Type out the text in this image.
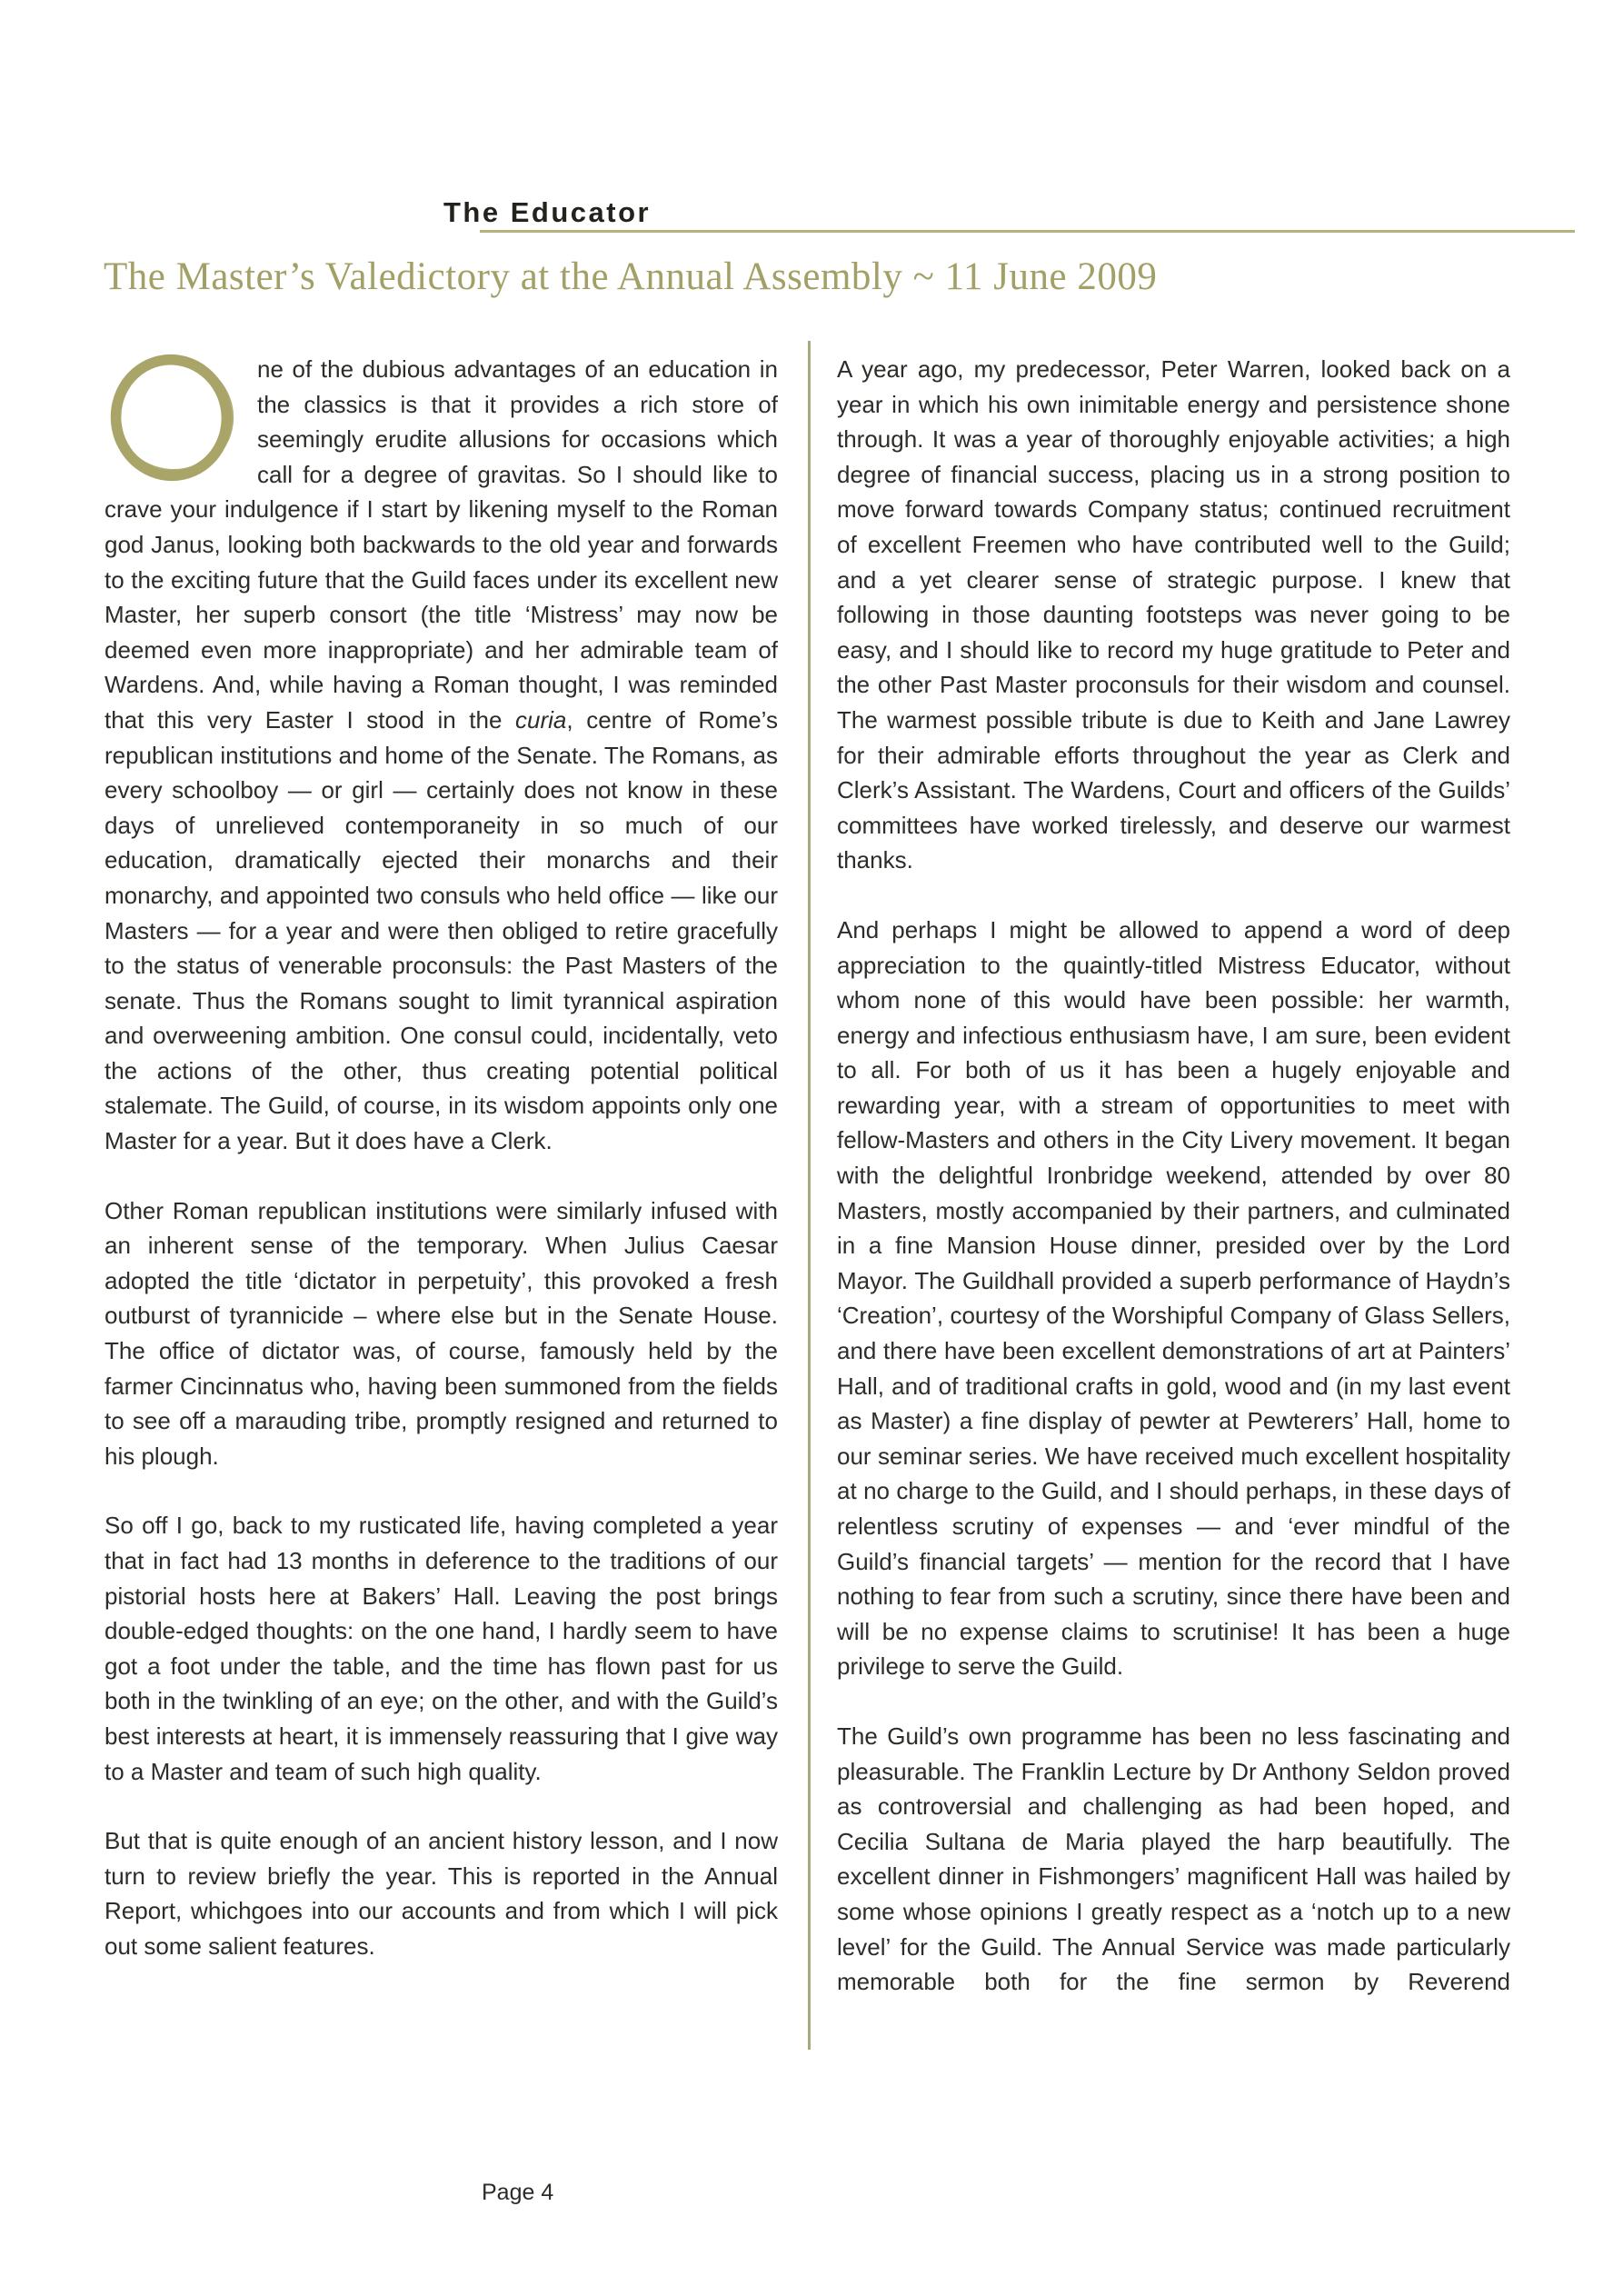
The Educator
The Master’s Valedictory at the Annual Assembly ~ 11 June 2009
ne of the dubious advantages of an education in the classics is that it provides a rich store of seemingly erudite allusions for occasions which call for a degree of gravitas. So I should like to crave your indulgence if I start by likening myself to the Roman god Janus, looking both backwards to the old year and forwards to the exciting future that the Guild faces under its excellent new Master, her superb consort (the title ‘Mistress’ may now be deemed even more inappropriate) and her admirable team of Wardens. And, while having a Roman thought, I was reminded that this very Easter I stood in the curia, centre of Rome’s republican institutions and home of the Senate. The Romans, as every schoolboy — or girl — certainly does not know in these days of unrelieved contemporaneity in so much of our education, dramatically ejected their monarchs and their monarchy, and appointed two consuls who held office — like our Masters — for a year and were then obliged to retire gracefully to the status of venerable proconsuls: the Past Masters of the senate. Thus the Romans sought to limit tyrannical aspiration and overweening ambition. One consul could, incidentally, veto the actions of the other, thus creating potential political stalemate. The Guild, of course, in its wisdom appoints only one Master for a year. But it does have a Clerk.
Other Roman republican institutions were similarly infused with an inherent sense of the temporary. When Julius Caesar adopted the title ‘dictator in perpetuity’, this provoked a fresh outburst of tyrannicide – where else but in the Senate House. The office of dictator was, of course, famously held by the farmer Cincinnatus who, having been summoned from the fields to see off a marauding tribe, promptly resigned and returned to his plough.
So off I go, back to my rusticated life, having completed a year that in fact had 13 months in deference to the traditions of our pistorial hosts here at Bakers’ Hall. Leaving the post brings double-edged thoughts: on the one hand, I hardly seem to have got a foot under the table, and the time has flown past for us both in the twinkling of an eye; on the other, and with the Guild’s best interests at heart, it is immensely reassuring that I give way to a Master and team of such high quality.
But that is quite enough of an ancient history lesson, and I now turn to review briefly the year. This is reported in the Annual Report, whichgoes into our accounts and from which I will pick out some salient features.
A year ago, my predecessor, Peter Warren, looked back on a year in which his own inimitable energy and persistence shone through. It was a year of thoroughly enjoyable activities; a high degree of financial success, placing us in a strong position to move forward towards Company status; continued recruitment of excellent Freemen who have contributed well to the Guild; and a yet clearer sense of strategic purpose. I knew that following in those daunting footsteps was never going to be easy, and I should like to record my huge gratitude to Peter and the other Past Master proconsuls for their wisdom and counsel. The warmest possible tribute is due to Keith and Jane Lawrey for their admirable efforts throughout the year as Clerk and Clerk’s Assistant. The Wardens, Court and officers of the Guilds’ committees have worked tirelessly, and deserve our warmest thanks.
And perhaps I might be allowed to append a word of deep appreciation to the quaintly-titled Mistress Educator, without whom none of this would have been possible: her warmth, energy and infectious enthusiasm have, I am sure, been evident to all. For both of us it has been a hugely enjoyable and rewarding year, with a stream of opportunities to meet with fellow-Masters and others in the City Livery movement. It began with the delightful Ironbridge weekend, attended by over 80 Masters, mostly accompanied by their partners, and culminated in a fine Mansion House dinner, presided over by the Lord Mayor. The Guildhall provided a superb performance of Haydn’s ‘Creation’, courtesy of the Worshipful Company of Glass Sellers, and there have been excellent demonstrations of art at Painters’ Hall, and of traditional crafts in gold, wood and (in my last event as Master) a fine display of pewter at Pewterers’ Hall, home to our seminar series. We have received much excellent hospitality at no charge to the Guild, and I should perhaps, in these days of relentless scrutiny of expenses — and ‘ever mindful of the Guild’s financial targets’ — mention for the record that I have nothing to fear from such a scrutiny, since there have been and will be no expense claims to scrutinise! It has been a huge privilege to serve the Guild.
The Guild’s own programme has been no less fascinating and pleasurable. The Franklin Lecture by Dr Anthony Seldon proved as controversial and challenging as had been hoped, and Cecilia Sultana de Maria played the harp beautifully. The excellent dinner in Fishmongers’ magnificent Hall was hailed by some whose opinions I greatly respect as a ‘notch up to a new level’ for the Guild. The Annual Service was made particularly memorable both for the fine sermon by Reverend
Page 4
